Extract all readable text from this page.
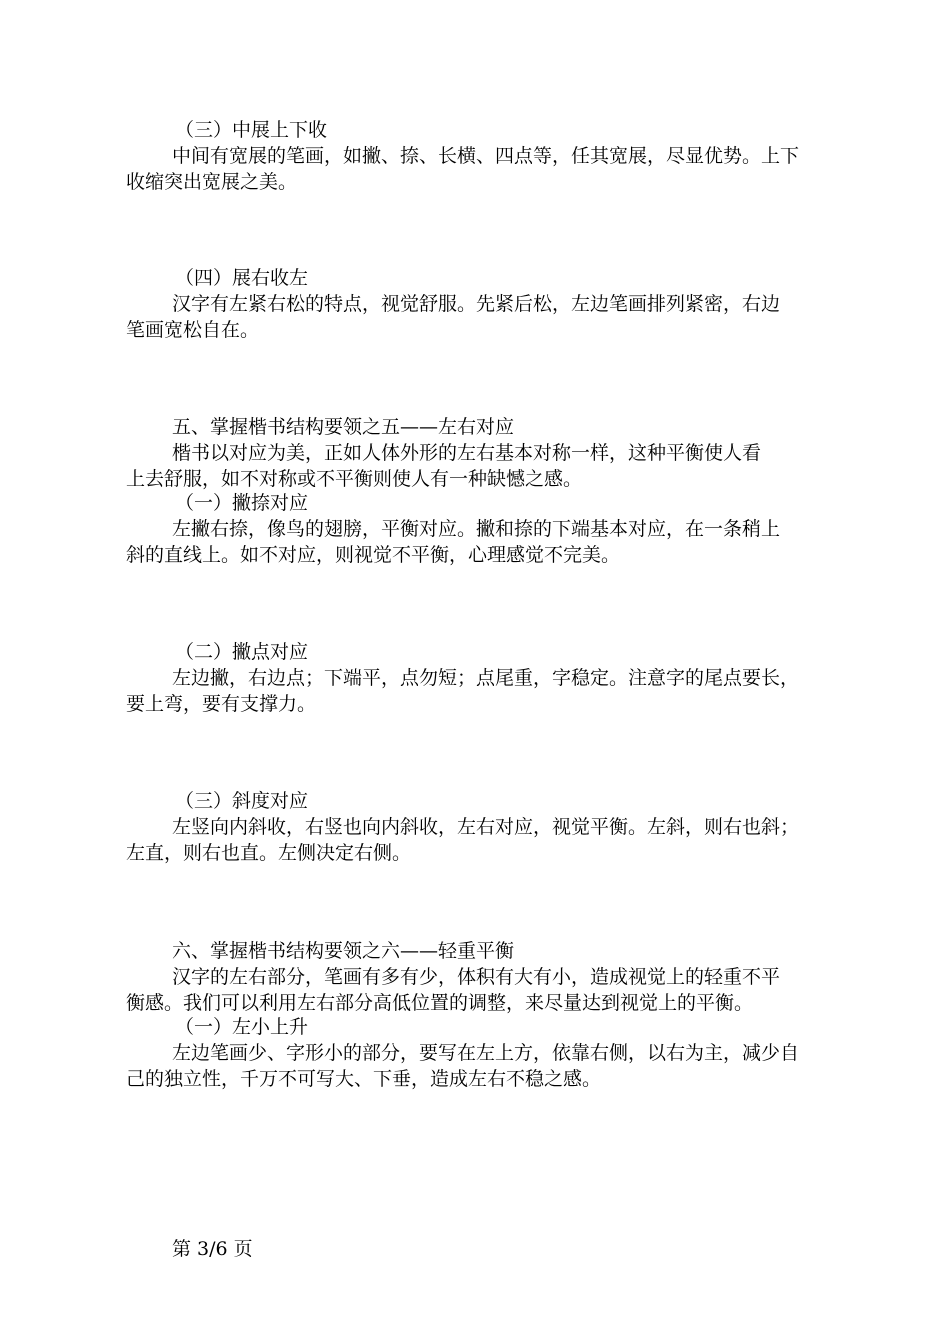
（三）中展上下收

中间有宽展的笔画，如撇、捺、长横、四点等，任其宽展，尽显优势。上下

收缩突出宽展之美。

（四）展右收左

汉字有左紧右松的特点，视觉舒服。先紧后松，左边笔画排列紧密，右边

笔画宽松自在。

五、掌握楷书结构要领之五——左右对应

楷书以对应为美，正如人体外形的左右基本对称一样，这种平衡使人看

上去舒服，如不对称或不平衡则使人有一种缺憾之感。

（一）撇捺对应

左撇右捺，像鸟的翅膀，平衡对应。撇和捺的下端基本对应，在一条稍上

斜的直线上。如不对应，则视觉不平衡，心理感觉不完美。

（二）撇点对应

左边撇，右边点；下端平，点勿短；点尾重，字稳定。注意字的尾点要长，

要上弯，要有支撑力。

（三）斜度对应

左竖向内斜收，右竖也向内斜收，左右对应，视觉平衡。左斜，则右也斜；

左直，则右也直。左侧决定右侧。

六、掌握楷书结构要领之六——轻重平衡

汉字的左右部分，笔画有多有少，体积有大有小，造成视觉上的轻重不平

衡感。我们可以利用左右部分高低位置的调整，来尽量达到视觉上的平衡。

（一）左小上升

左边笔画少、字形小的部分，要写在左上方，依靠右侧，以右为主，减少自

己的独立性，千万不可写大、下垂，造成左右不稳之感。

第 3/6 页
